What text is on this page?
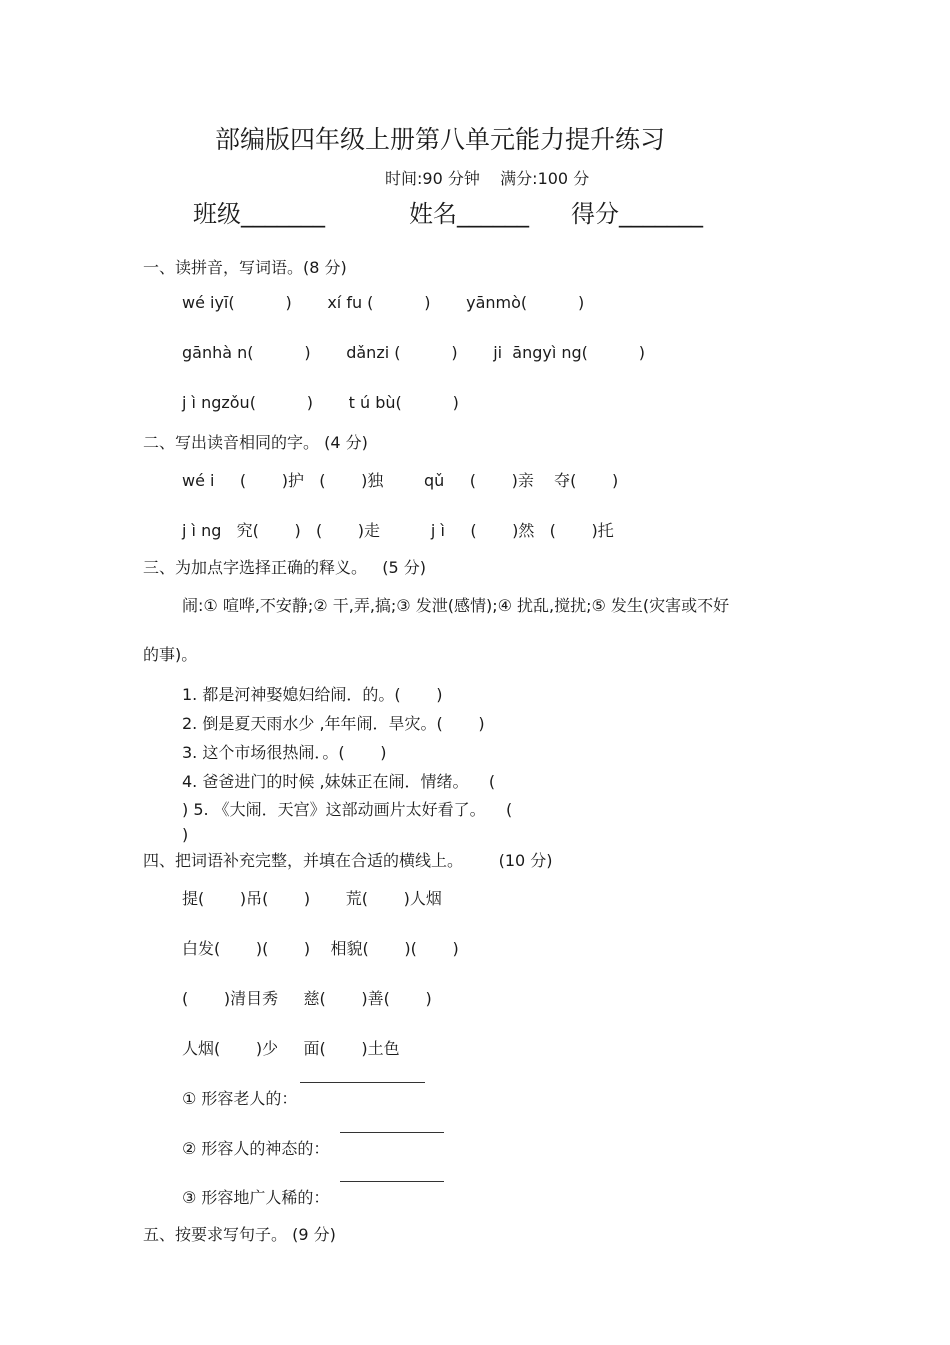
部编版四年级上册第八单元能力提升练习
时间:90 分钟    满分:100 分
班级_______	姓名______ 得分_______
一、读拼音，写词语。(8 分)
wé iyī(          )       xí fu (          )       yānmò(          )
gānhà n(          )       dǎnzi (          )       ji  āngyì ng(          )
j ì ngzǒu(          )       t ú bù(          )
二、写出读音相同的字。 (4 分)
wé i     (       )护   (       )独        qǔ     (       )亲    夺(       )
j ì ng   究(       )   (       )走          j ì     (       )然   (       )托
三、为加点字选择正确的释义。   (5 分)
闹:① 喧哗,不安静;② 干,弄,搞;③ 发泄(感情);④ 扰乱,搅扰;⑤ 发生(灾害或不好
的事)。
1. 都是河神娶媳妇给闹．的。(       )
2. 倒是夏天雨水少 ,年年闹．旱灾。(       )
3. 这个市场很热闹．。(       )
4. 爸爸进门的时候 ,妹妹正在闹．情绪。    (
) 5. 《大闹．天宫》这部动画片太好看了。    (
)
四、把词语补充完整，并填在合适的横线上。       (10 分)
提(       )吊(       )       荒(       )人烟
白发(       )(       )    相貌(       )(       )
(       )清目秀     慈(       )善(       )
人烟(       )少     面(       )土色
① 形容老人的：
② 形容人的神态的：
③ 形容地广人稀的：
五、按要求写句子。 (9 分)
